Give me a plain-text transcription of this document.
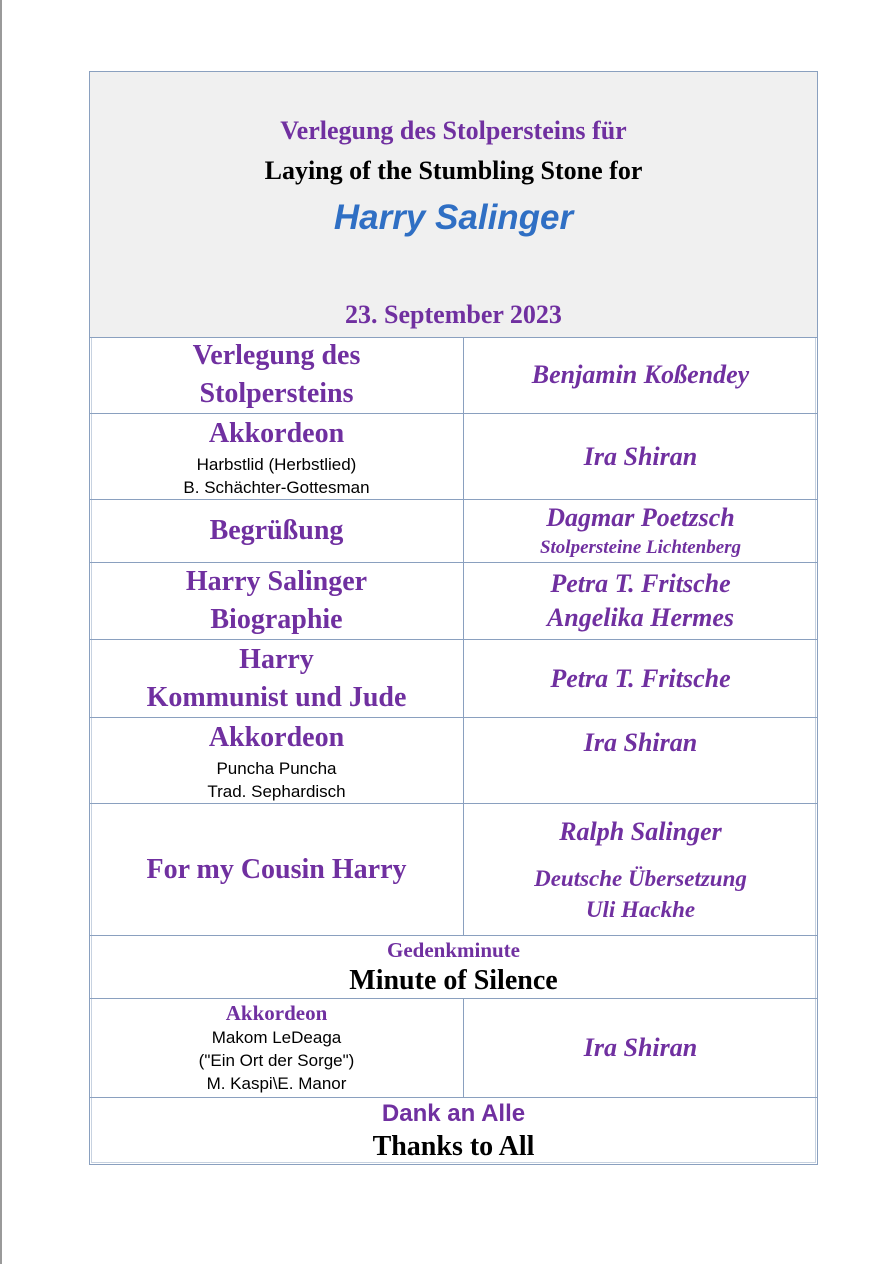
Verlegung des Stolpersteins für
Laying of the Stumbling Stone for
Harry Salinger
23. September 2023
Verlegung des
Stolpersteins
Benjamin Koßendey
Akkordeon
Harbstlid (Herbstlied)
B. Schächter-Gottesman
Ira Shiran
Begrüßung	Dagmar Poetzsch
Stolpersteine Lichtenberg
Harry Salinger
Biographie
Petra T. Fritsche
Angelika Hermes
Harry
Kommunist und Jude
Petra T. Fritsche
Akkordeon
Puncha Puncha
Trad. Sephardisch
Ira Shiran
For my Cousin Harry
Ralph Salinger
Deutsche Übersetzung
Uli Hackhe
Gedenkminute
Minute of Silence
Akkordeon
Makom LeDeaga
("Ein Ort der Sorge")
M. Kaspi\E. Manor
Ira Shiran
Dank an Alle
Thanks to All
